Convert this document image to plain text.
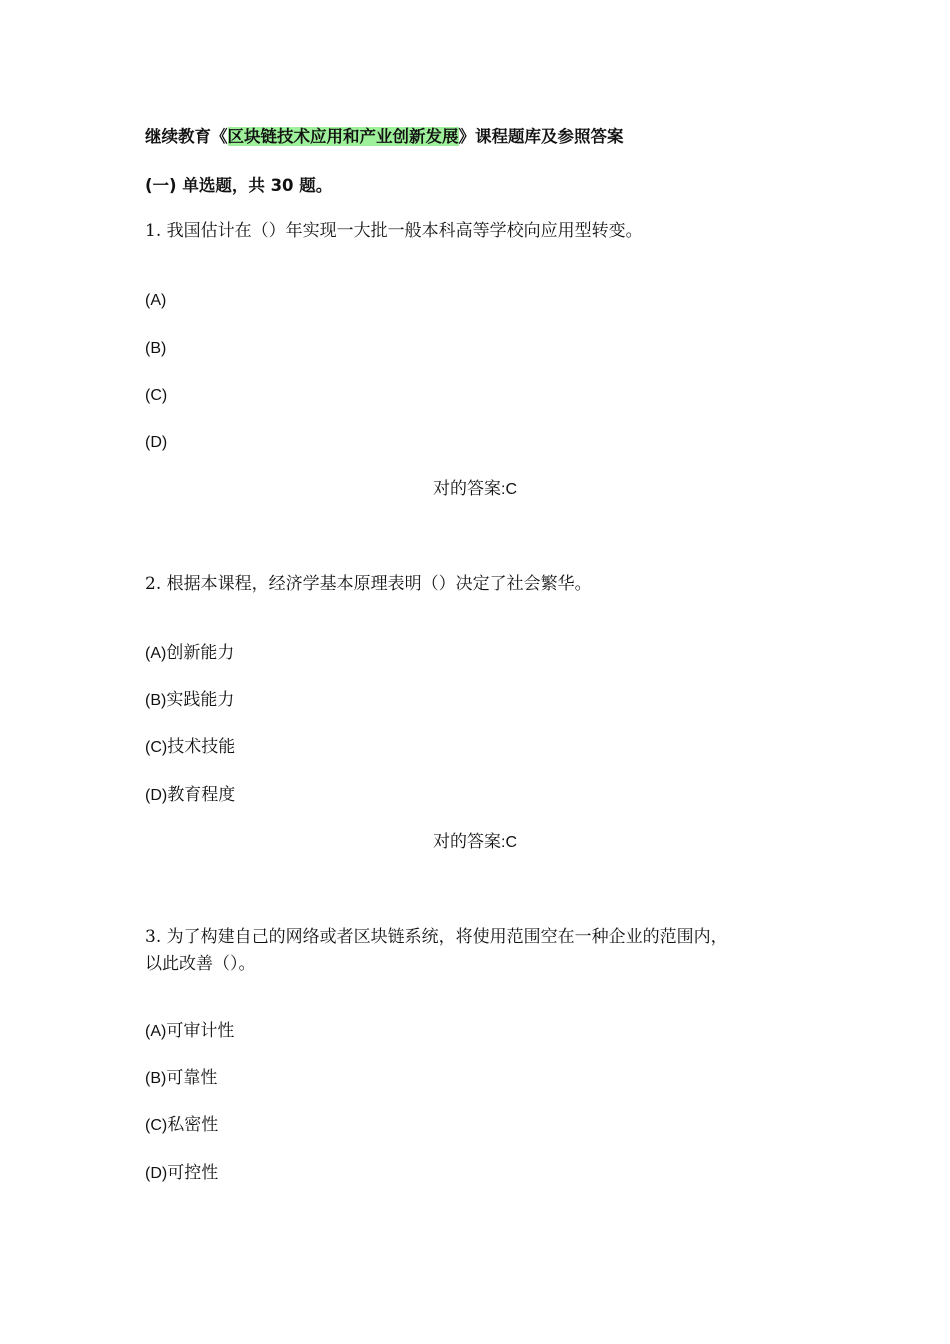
继续教育《区块链技术应用和产业创新发展》课程题库及参照答案
(一) 单选题，共 30 题。
1. 我国估计在（）年实现一大批一般本科高等学校向应用型转变。
(A)
(B)
(C)
(D)
对的答案:C
2. 根据本课程，经济学基本原理表明（）决定了社会繁华。
(A)创新能力
(B)实践能力
(C)技术技能
(D)教育程度
对的答案:C
3. 为了构建自己的网络或者区块链系统，将使用范围空在一种企业的范围内，
以此改善（）。
(A)可审计性
(B)可靠性
(C)私密性
(D)可控性
